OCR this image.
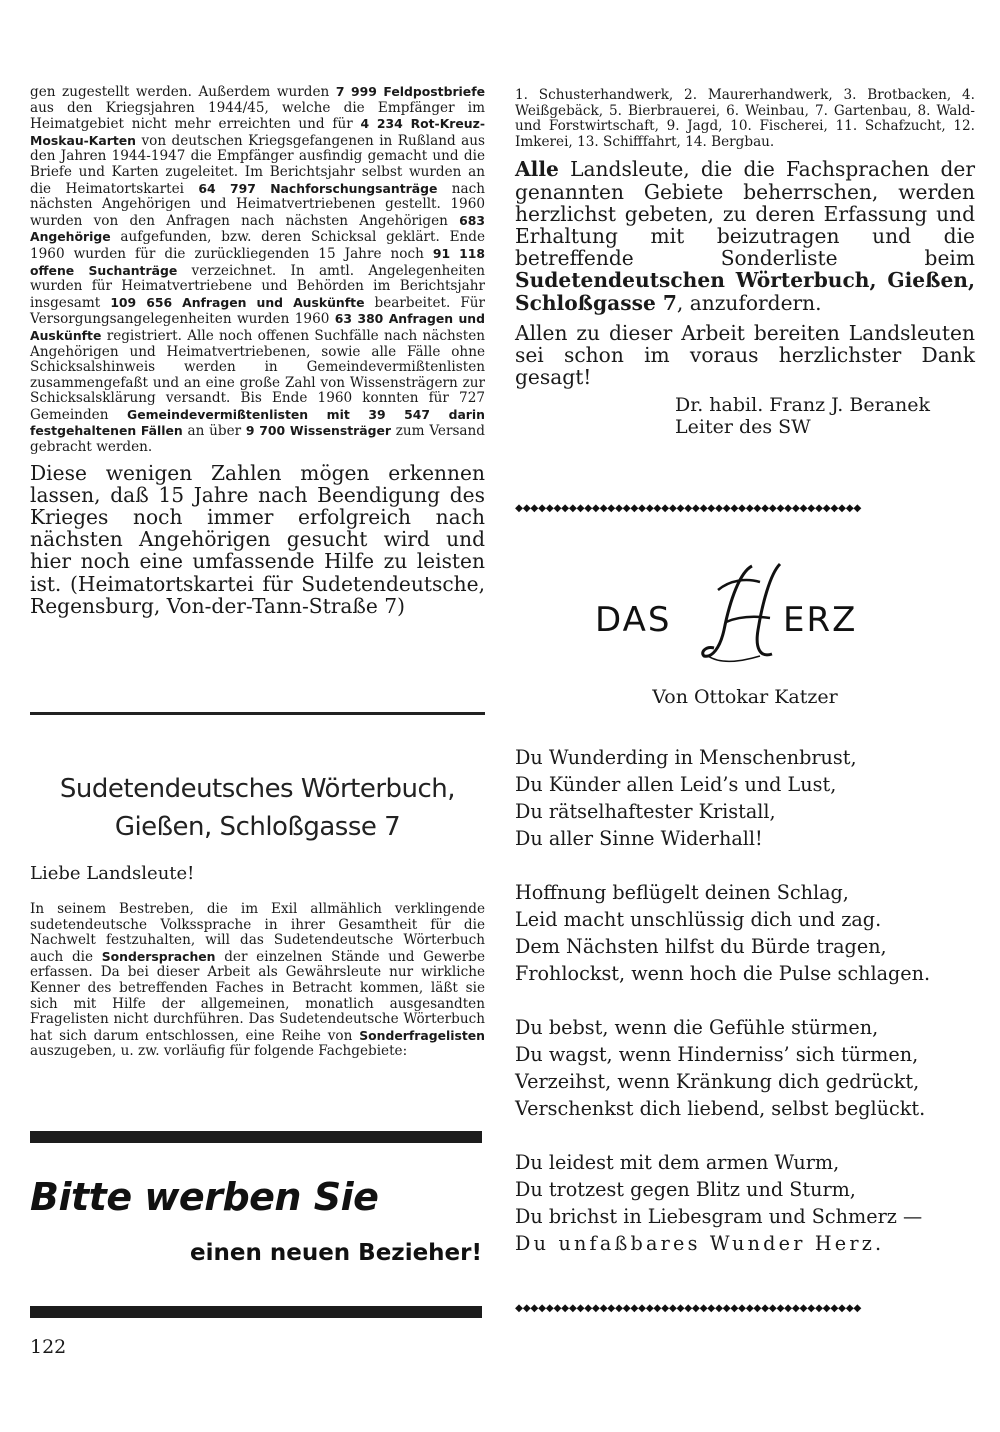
gen zugestellt werden. Außerdem wurden 7 999 Feldpostbriefe aus den Kriegsjahren 1944/45, welche die Empfänger im Heimatgebiet nicht mehr erreichten und für 4 234 Rot-Kreuz-Moskau-Karten von deutschen Kriegsgefangenen in Rußland aus den Jahren 1944-1947 die Empfänger ausfindig gemacht und die Briefe und Karten zugeleitet. Im Berichtsjahr selbst wurden an die Heimatortskartei 64 797 Nachforschungsanträge nach nächsten Angehörigen und Heimatvertriebenen gestellt. 1960 wurden von den Anfragen nach nächsten Angehörigen 683 Angehörige aufgefunden, bzw. deren Schicksal geklärt. Ende 1960 wurden für die zurückliegenden 15 Jahre noch 91 118 offene Suchanträge verzeichnet. In amtl. Angelegenheiten wurden für Heimatvertriebene und Behörden im Berichtsjahr insgesamt 109 656 Anfragen und Auskünfte bearbeitet. Für Versorgungsangelegenheiten wurden 1960 63 380 Anfragen und Auskünfte registriert. Alle noch offenen Suchfälle nach nächsten Angehörigen und Heimatvertriebenen, sowie alle Fälle ohne Schicksalshinweis werden in Gemeindevermißtenlisten zusammengefaßt und an eine große Zahl von Wissensträgern zur Schicksalsklärung versandt. Bis Ende 1960 konnten für 727 Gemeinden Gemeindevermißtenlisten mit 39 547 darin festgehaltenen Fällen an über 9 700 Wissensträger zum Versand gebracht werden.
Diese wenigen Zahlen mögen erkennen lassen, daß 15 Jahre nach Beendigung des Krieges noch immer erfolgreich nach nächsten Angehörigen gesucht wird und hier noch eine umfassende Hilfe zu leisten ist. (Heimatortskartei für Sudetendeutsche, Regensburg, Von-der-Tann-Straße 7)
Sudetendeutsches Wörterbuch,
Gießen, Schloßgasse 7
Liebe Landsleute!
In seinem Bestreben, die im Exil allmählich verklingende sudetendeutsche Volkssprache in ihrer Gesamtheit für die Nachwelt festzuhalten, will das Sudetendeutsche Wörterbuch auch die Sondersprachen der einzelnen Stände und Gewerbe erfassen. Da bei dieser Arbeit als Gewährsleute nur wirkliche Kenner des betreffenden Faches in Betracht kommen, läßt sie sich mit Hilfe der allgemeinen, monatlich ausgesandten Fragelisten nicht durchführen. Das Sudetendeutsche Wörterbuch hat sich darum entschlossen, eine Reihe von Sonderfragelisten auszugeben, u. zw. vorläufig für folgende Fachgebiete:
Bitte werben Sie
einen neuen Bezieher!
122
1. Schusterhandwerk, 2. Maurerhandwerk, 3. Brotbacken, 4. Weißgebäck, 5. Bierbrauerei, 6. Weinbau, 7. Gartenbau, 8. Wald- und Forstwirtschaft, 9. Jagd, 10. Fischerei, 11. Schafzucht, 12. Imkerei, 13. Schifffahrt, 14. Bergbau.
Alle Landsleute, die die Fachsprachen der genannten Gebiete beherrschen, werden herzlichst gebeten, zu deren Erfassung und Erhaltung mit beizutragen und die betreffende Sonderliste beim Sudetendeutschen Wörterbuch, Gießen, Schloßgasse 7, anzufordern.
Allen zu dieser Arbeit bereiten Landsleuten sei schon im voraus herzlichster Dank gesagt!
Dr. habil. Franz J. Beranek
Leiter des SW
◆◆◆◆◆◆◆◆◆◆◆◆◆◆◆◆◆◆◆◆◆◆◆◆◆◆◆◆◆◆◆◆◆◆◆◆◆◆◆◆◆◆◆◆◆
DAS	ERZ
Von Ottokar Katzer
Du Wunderding in Menschenbrust,
Du Künder allen Leid’s und Lust,
Du rätselhaftester Kristall,
Du aller Sinne Widerhall!
Hoffnung beflügelt deinen Schlag,
Leid macht unschlüssig dich und zag.
Dem Nächsten hilfst du Bürde tragen,
Frohlockst, wenn hoch die Pulse schlagen.
Du bebst, wenn die Gefühle stürmen,
Du wagst, wenn Hinderniss’ sich türmen,
Verzeihst, wenn Kränkung dich gedrückt,
Verschenkst dich liebend, selbst beglückt.
Du leidest mit dem armen Wurm,
Du trotzest gegen Blitz und Sturm,
Du brichst in Liebesgram und Schmerz —
Du unfaßbares Wunder Herz.
◆◆◆◆◆◆◆◆◆◆◆◆◆◆◆◆◆◆◆◆◆◆◆◆◆◆◆◆◆◆◆◆◆◆◆◆◆◆◆◆◆◆◆◆◆
